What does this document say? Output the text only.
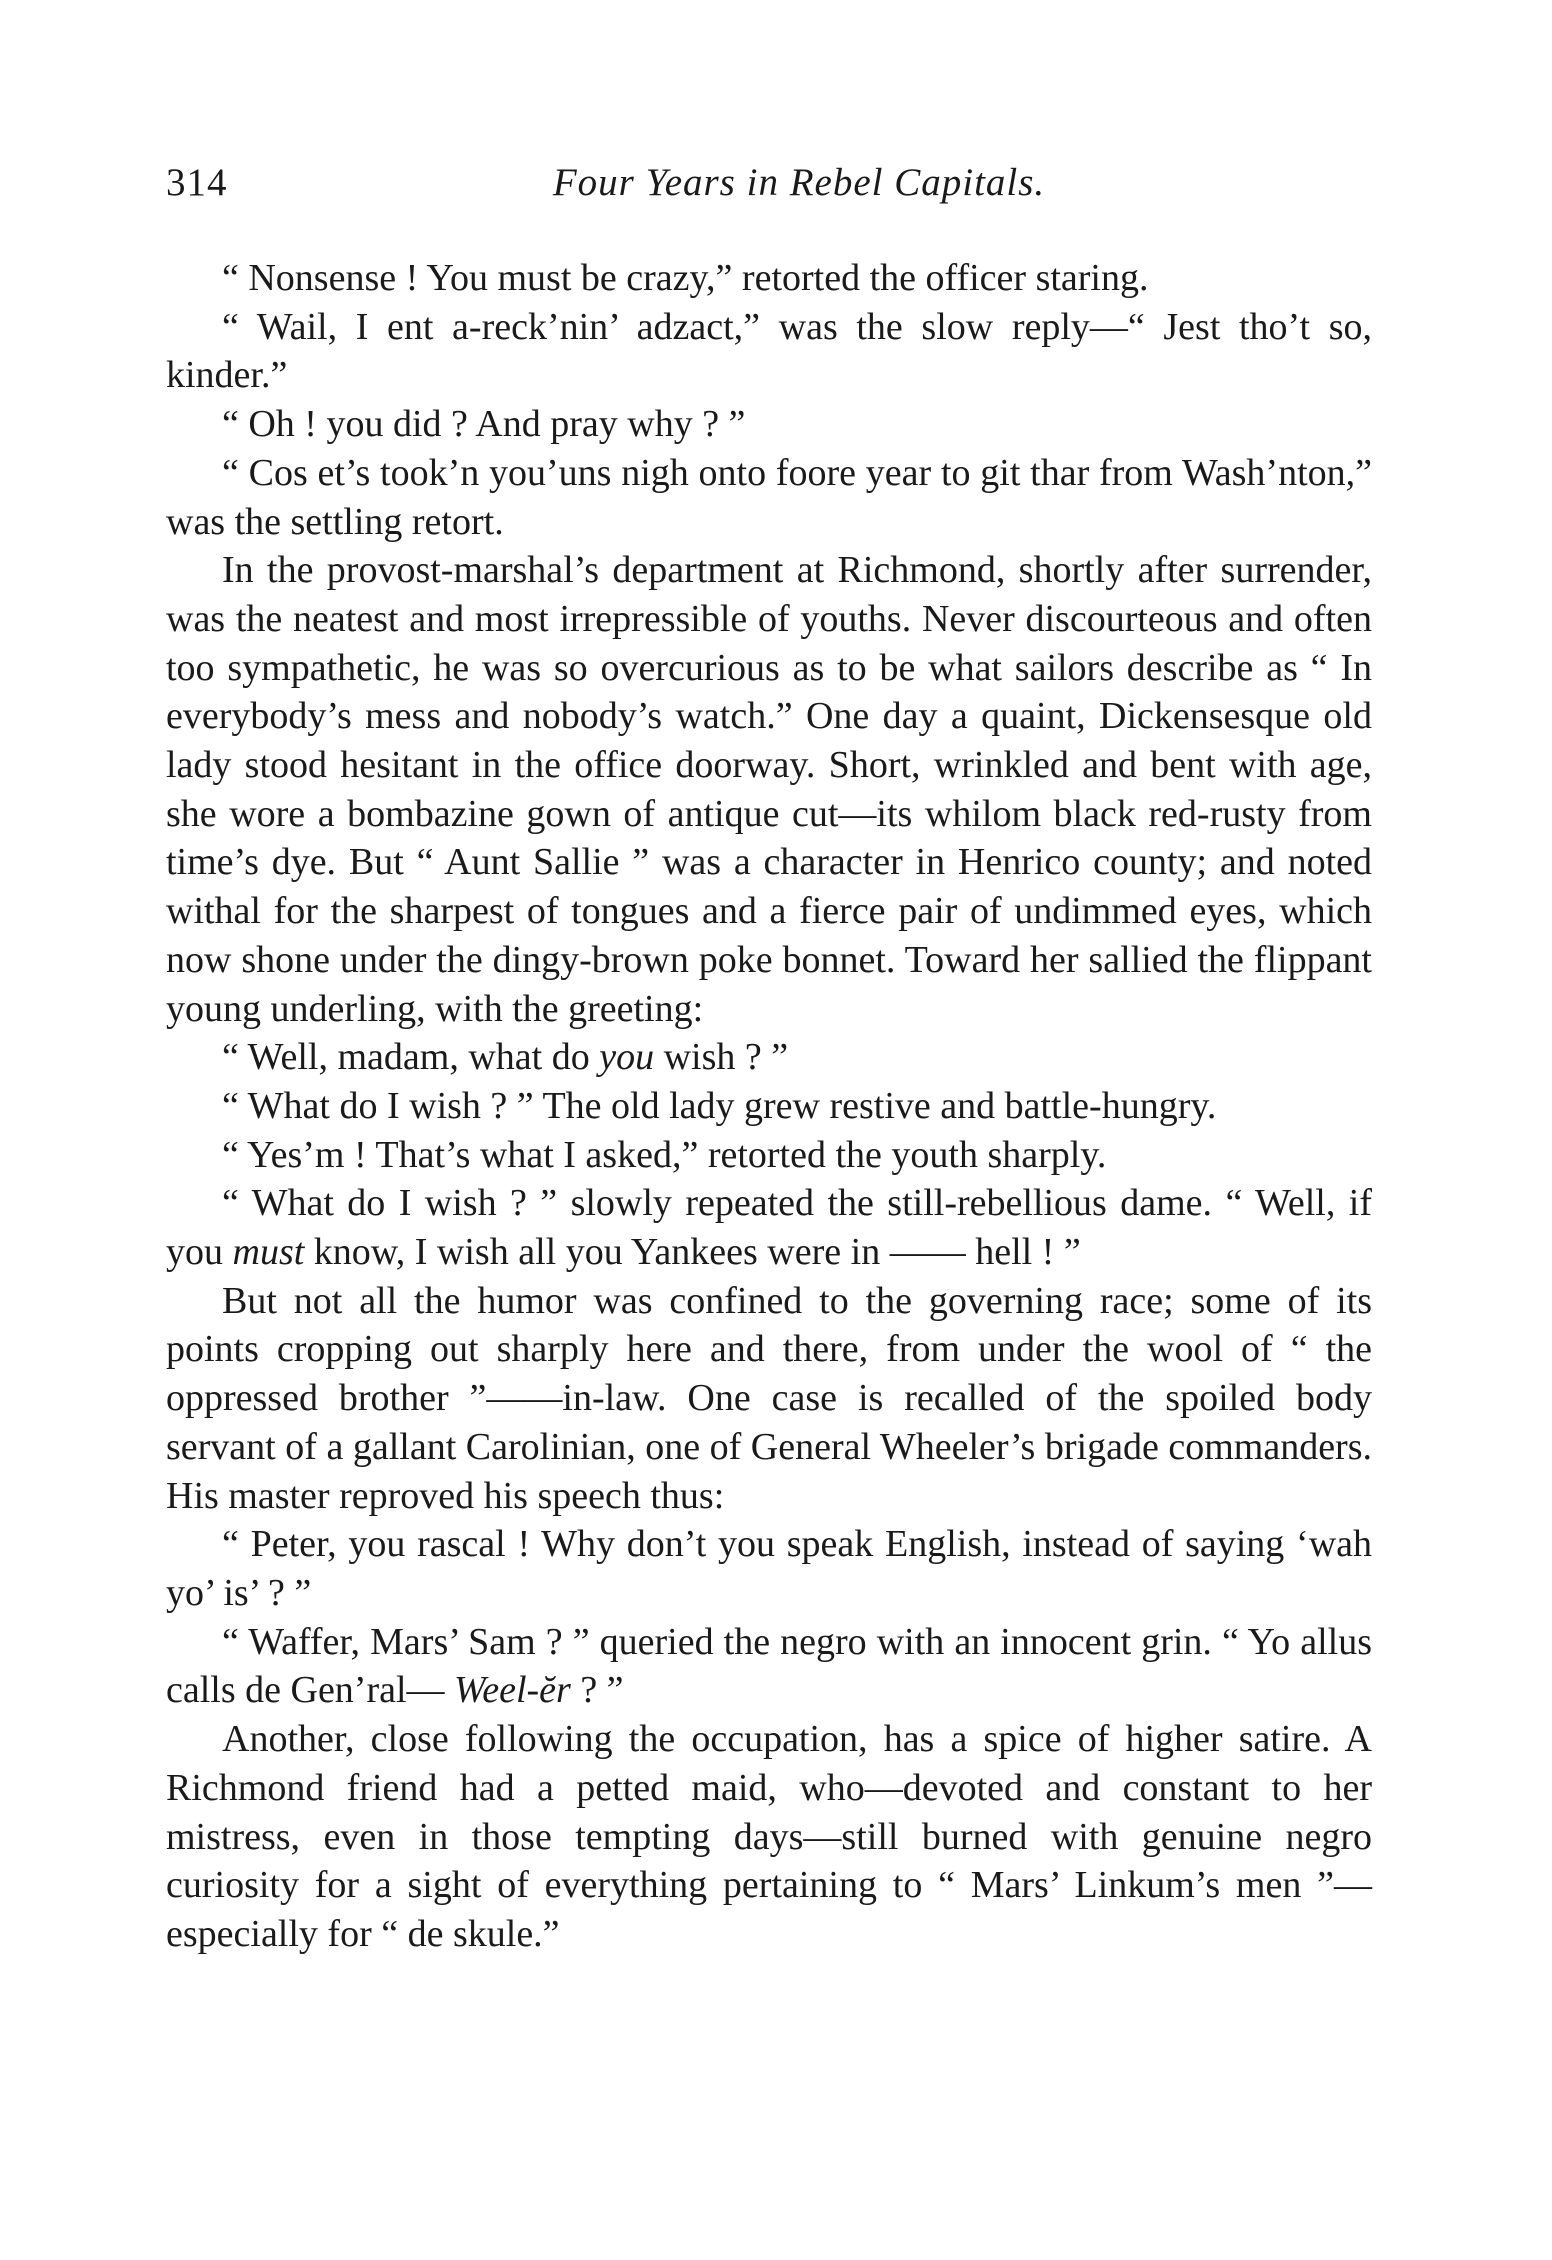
314	Four Years in Rebel Capitals.

“ Nonsense ! You must be crazy,” retorted the officer staring.

“ Wail, I ent a-reck’nin’ adzact,” was the slow reply—“ Jest tho’t so, kinder.”

“ Oh ! you did ? And pray why ? ”

“ Cos et’s took’n you’uns nigh onto foore year to git thar from Wash’nton,” was the settling retort.

In the provost-marshal’s department at Richmond, shortly after surrender, was the neatest and most irrepressible of youths. Never discourteous and often too sympathetic, he was so overcurious as to be what sailors describe as “ In everybody’s mess and nobody’s watch.” One day a quaint, Dickensesque old lady stood hesitant in the office doorway. Short, wrinkled and bent with age, she wore a bombazine gown of antique cut—its whilom black red-rusty from time’s dye. But “ Aunt Sallie ” was a character in Henrico county; and noted withal for the sharpest of tongues and a fierce pair of undimmed eyes, which now shone under the dingy-brown poke bonnet. Toward her sallied the flippant young underling, with the greeting:

“ Well, madam, what do you wish ? ”

“ What do I wish ? ” The old lady grew restive and battle-hungry.

“ Yes’m ! That’s what I asked,” retorted the youth sharply.

“ What do I wish ? ” slowly repeated the still-rebellious dame. “ Well, if you must know, I wish all you Yankees were in —— hell ! ”

But not all the humor was confined to the governing race; some of its points cropping out sharply here and there, from under the wool of “ the oppressed brother ”——in-law. One case is recalled of the spoiled body servant of a gallant Carolinian, one of General Wheeler’s brigade commanders. His master reproved his speech thus:

“ Peter, you rascal ! Why don’t you speak English, instead of saying ‘wah yo’ is’ ? ”

“ Waffer, Mars’ Sam ? ” queried the negro with an innocent grin. “ Yo allus calls de Gen’ral— Weel-ĕr ? ”

Another, close following the occupation, has a spice of higher satire. A Richmond friend had a petted maid, who—devoted and constant to her mistress, even in those tempting days—still burned with genuine negro curiosity for a sight of everything pertaining to “ Mars’ Linkum’s men ”—especially for “ de skule.”
